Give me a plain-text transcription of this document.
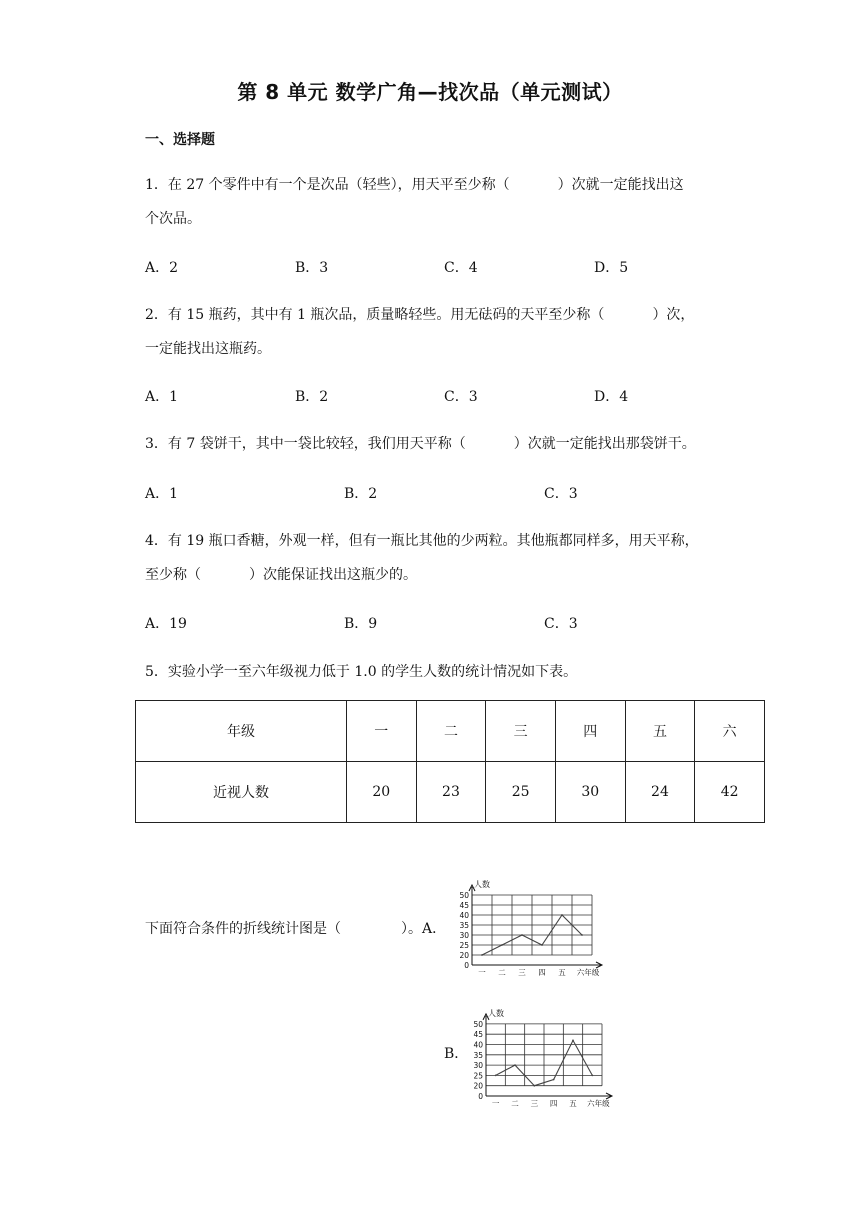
第 8 单元 数学广角—找次品（单元测试）
一、选择题
1．在 27 个零件中有一个是次品（轻些），用天平至少称（	）次就一定能找出这
个次品。
A．2	B．3	C．4	D．5
2．有 15 瓶药，其中有 1 瓶次品，质量略轻些。用无砝码的天平至少称（	）次，
一定能找出这瓶药。
A．1	B．2	C．3	D．4
3．有 7 袋饼干，其中一袋比较轻，我们用天平称（	）次就一定能找出那袋饼干。
A．1	B．2	C．3
4．有 19 瓶口香糖，外观一样，但有一瓶比其他的少两粒。其他瓶都同样多，用天平称，
至少称（	）次能保证找出这瓶少的。
A．19	B．9	C．3
5．实验小学一至六年级视力低于 1.0 的学生人数的统计情况如下表。
年级	一	二	三	四	五	六
近视人数	20	23	25	30	24	42
下面符合条件的折线统计图是（	）。A．
B．
人数
0
20
25
30
35
40
45
50
一 二 三 四 五 六年级
人数
0
20
25
30
35
40
45
50
一 二 三 四 五 六年级
